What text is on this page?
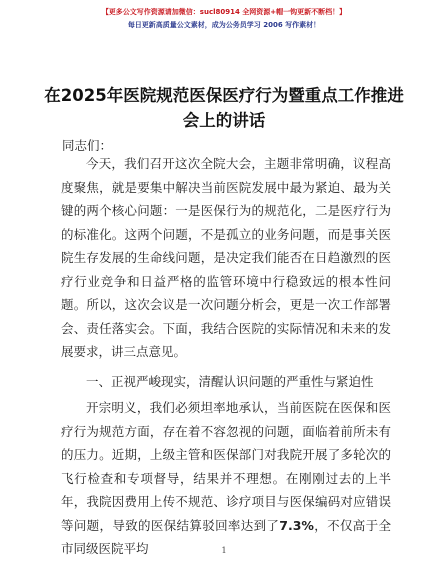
【更多公文写作资源请加微信：sucl80914 全网资源+帽一钩更新不断档！】
每日更新高质量公文素材，成为公务员学习 2006 写作素材！
在2025年医院规范医保医疗行为暨重点工作推进会上的讲话
同志们：
今天，我们召开这次全院大会，主题非常明确，议程高度聚焦，就是要集中解决当前医院发展中最为紧迫、最为关键的两个核心问题：一是医保行为的规范化，二是医疗行为的标准化。这两个问题，不是孤立的业务问题，而是事关医院生存发展的生命线问题，是决定我们能否在日趋激烈的医疗行业竞争和日益严格的监管环境中行稳致远的根本性问题。所以，这次会议是一次问题分析会，更是一次工作部署会、责任落实会。下面，我结合医院的实际情况和未来的发展要求，讲三点意见。
一、正视严峻现实，清醒认识问题的严重性与紧迫性
开宗明义，我们必须坦率地承认，当前医院在医保和医疗行为规范方面，存在着不容忽视的问题，面临着前所未有的压力。近期，上级主管和医保部门对我院开展了多轮次的飞行检查和专项督导，结果并不理想。在刚刚过去的上半年，我院因费用上传不规范、诊疗项目与医保编码对应错误等问题，导致的医保结算驳回率达到了7.3%，不仅高于全市同级医院平均	1
